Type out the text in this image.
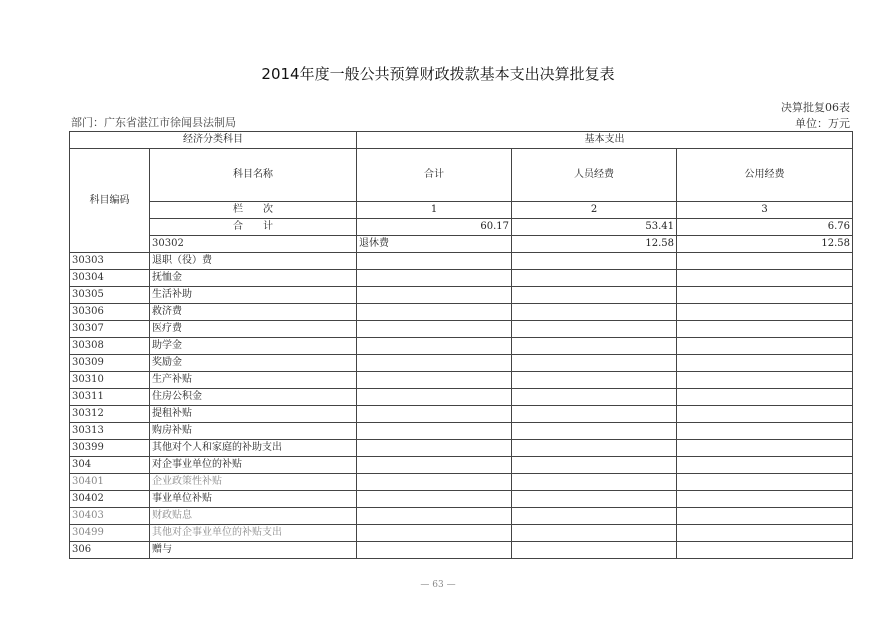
2014年度一般公共预算财政拨款基本支出决算批复表
决算批复06表
单位：万元
部门：广东省湛江市徐闻县法制局
经济分类科目		基本支出			
科目编码	科目名称	合计	人员经费	公用经费	
	栏　　次	1	2	3	
	合　　计	60.17	53.41	6.76	
	30302	退休费	12.58	12.58	
30303	退职（役）费				
30304	抚恤金				
30305	生活补助				
30306	救济费				
30307	医疗费				
30308	助学金				
30309	奖励金				
30310	生产补贴				
30311	住房公积金				
30312	提租补贴				
30313	购房补贴				
30399	其他对个人和家庭的补助支出				
304	对企事业单位的补贴				
30401	企业政策性补贴				
30402	事业单位补贴				
30403	财政贴息				
30499	其他对企事业单位的补贴支出				
306	赠与				
— 63 —
